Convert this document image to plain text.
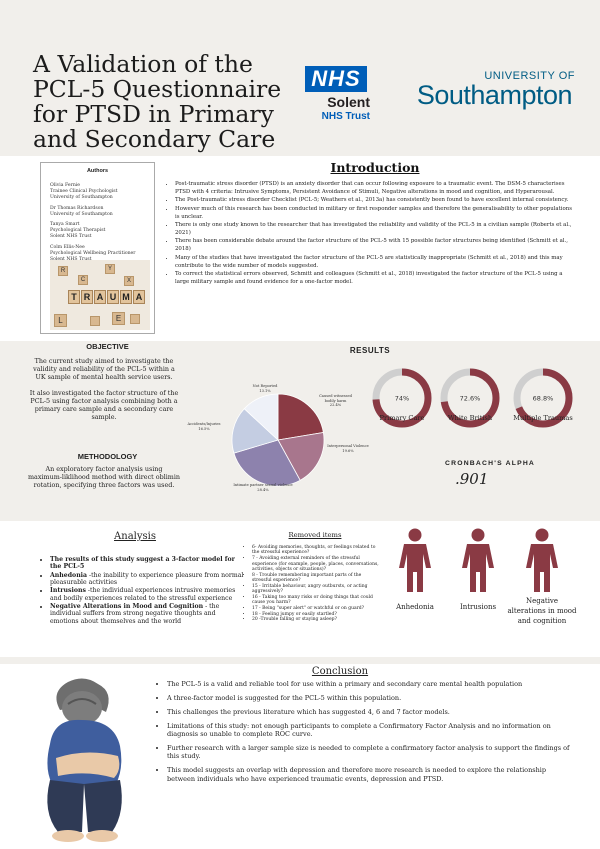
A Validation of the PCL-5 Questionnaire for PTSD in Primary and Secondary Care
NHS
Solent
NHS Trust
UNIVERSITY OF
Southampton
Authors
Olivia Fernie
Trainee Clinical Psychologist
University of Southampton
Dr Thomas Richardson
University of Southampton
Tanya Smart
Psychological Therapist
Solent NHS Trust
Colm Ellis-Nee
Psychological Wellbeing Practitioner
R
C
Y
X
L	E
T R A U M A
Introduction
• Post-traumatic stress disorder (PTSD) is an anxiety disorder that can occur following exposure to a traumatic event. The DSM-5 characterises PTSD with 4 criteria: Intrusive Symptoms, Persistent Avoidance of Stimuli, Negative alterations in mood and cognition, and Hyperarousal.
• The Post-traumatic stress disorder Checklist (PCL-5; Weathers et al., 2013a) has consistently been found to have excellent internal consistency.
• However much of this research has been conducted in military or first responder samples and therefore the generalisability to other populations is unclear.
• There is only one study known to the researcher that has investigated the reliability and validity of the PCL-5 in a civilian sample (Roberts et al., 2021)
• There has been considerable debate around the factor structure of the PCL-5 with 15 possible factor structures being identified (Schmitt et al., 2018)
• Many of the studies that have investigated the factor structure of the PCL-5 are statistically inappropriate (Schmitt et al., 2018) and this may contribute to the wide number of models suggested.
• To correct the statistical errors observed, Schmitt and colleagues (Schmitt et al., 2018) investigated the factor structure of the PCL-5 using a large military sample and found evidence for a one-factor model.
OBJECTIVE

The current study aimed to investigate the validity and reliability of the PCL-5 within a UK sample of mental health service users.

It also investigated the factor structure of the PCL-5 using factor analysis combining both a primary care sample and a secondary care sample.

METHODOLOGY
An exploratory factor analysis using maximum-liklihood method with direct oblimin rotation, specifying three factors was used.
RESULTS
Caused witnessed bodily harm
22.4%
Interpersonal Violence
19.6%
Intimate partner sexual violence
28.4%
Accidents/Injuries
16.5%
Not Reported
13.1%
74%
Primary Care
72.6%
White British
68.8%
Multiple Traumas
CRONBACH'S ALPHA
.901
Analysis
• The results of this study suggest a 3-factor model for the PCL-5
• Anhedonia -the inability to experience pleasure from normal pleasurable activities
• Intrusions -the individual experiences intrusive memories and bodily experiences related to the stressful experience
• Negative Alterations in Mood and Cognition - the individual suffers from strong negative thoughts and emotions about themselves and the world
Removed items
• 6- Avoiding memories, thoughts, or feelings related to the stressful experience?
• 7 - Avoiding external reminders of the stressful experience (for example, people, places, conversations, activities, objects or situations)?
• 8 - Trouble remembering important parts of the stressful experience?
• 15 - Irritable behaviour, angry outbursts, or acting aggressively?
• 16 - Taking too many risks or doing things that could cause you harm?
• 17 - Being "super alert" or watchful or on guard?
• 18 - Feeling jumpy or easily startled?
• 20 -Trouble falling or staying asleep?
Anhedonia	Intrusions
Negative alterations in mood and cognition
Conclusion
• The PCL-5 is a valid and reliable tool for use within a primary and secondary care mental health population
• A three-factor model is suggested for the PCL-5 within this population.
• This challenges the previous literature which has suggested 4, 6 and 7 factor models.
• Limitations of this study: not enough participants to complete a Confirmatory Factor Analysis and no information on diagnosis so unable to complete ROC curve.
• Further research with a larger sample size is needed to complete a confirmatory factor analysis to support the findings of this study.
• This model suggests an overlap with depression and therefore more research is needed to explore the relationship between individuals who have experienced traumatic events, depression and PTSD.
